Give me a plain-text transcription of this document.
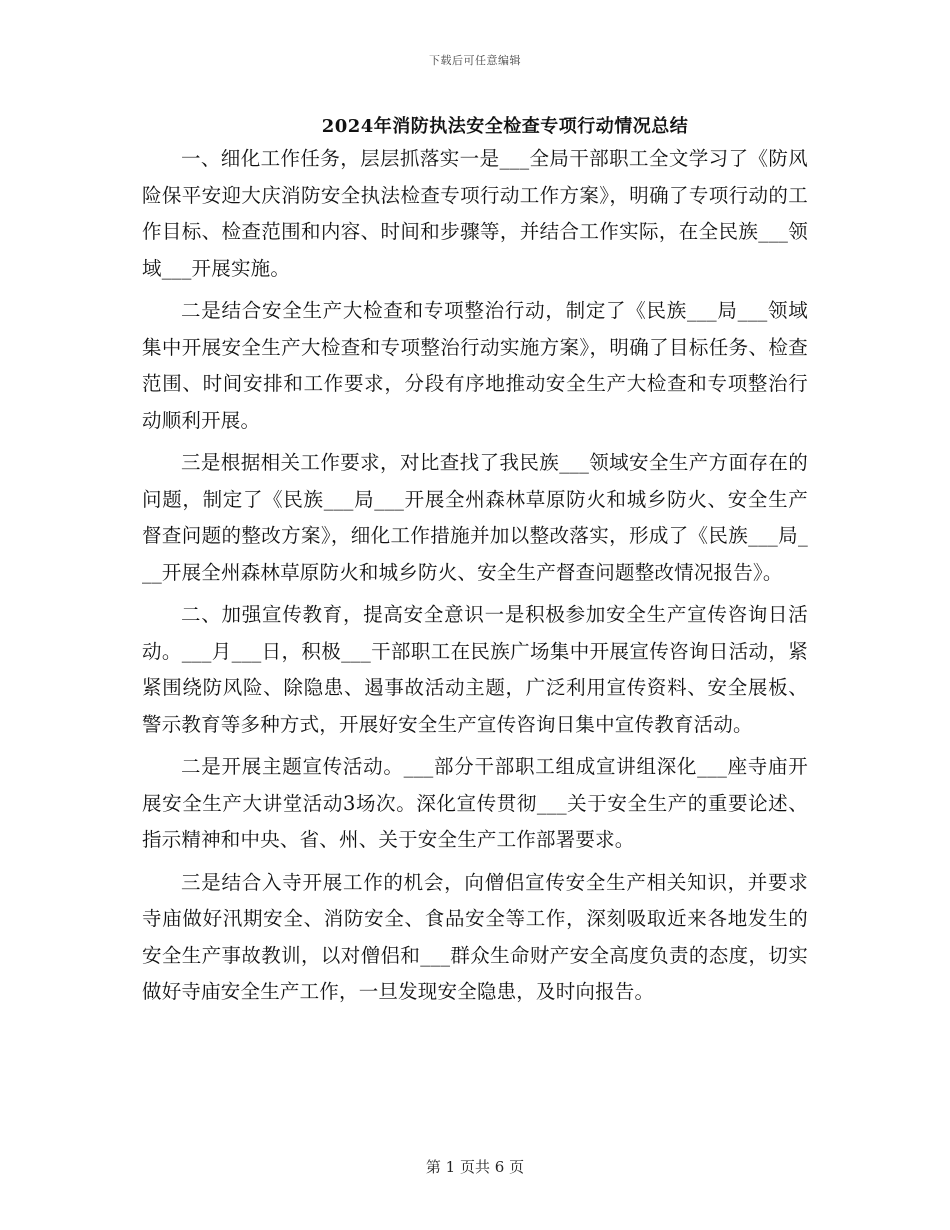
下载后可任意编辑
2024年消防执法安全检查专项行动情况总结

一、细化工作任务，层层抓落实一是___全局干部职工全文学习了《防风险保平安迎大庆消防安全执法检查专项行动工作方案》，明确了专项行动的工作目标、检查范围和内容、时间和步骤等，并结合工作实际，在全民族___领域___开展实施。

二是结合安全生产大检查和专项整治行动，制定了《民族___局___领域集中开展安全生产大检查和专项整治行动实施方案》，明确了目标任务、检查范围、时间安排和工作要求，分段有序地推动安全生产大检查和专项整治行动顺利开展。

三是根据相关工作要求，对比查找了我民族___领域安全生产方面存在的问题，制定了《民族___局___开展全州森林草原防火和城乡防火、安全生产督查问题的整改方案》，细化工作措施并加以整改落实，形成了《民族___局___开展全州森林草原防火和城乡防火、安全生产督查问题整改情况报告》。

二、加强宣传教育，提高安全意识一是积极参加安全生产宣传咨询日活动。___月___日，积极___干部职工在民族广场集中开展宣传咨询日活动，紧紧围绕防风险、除隐患、遏事故活动主题，广泛利用宣传资料、安全展板、警示教育等多种方式，开展好安全生产宣传咨询日集中宣传教育活动。

二是开展主题宣传活动。___部分干部职工组成宣讲组深化___座寺庙开展安全生产大讲堂活动3场次。深化宣传贯彻___关于安全生产的重要论述、指示精神和中央、省、州、关于安全生产工作部署要求。

三是结合入寺开展工作的机会，向僧侣宣传安全生产相关知识，并要求寺庙做好汛期安全、消防安全、食品安全等工作，深刻吸取近来各地发生的安全生产事故教训，以对僧侣和___群众生命财产安全高度负责的态度，切实做好寺庙安全生产工作，一旦发现安全隐患，及时向报告。

第 1 页共 6 页
